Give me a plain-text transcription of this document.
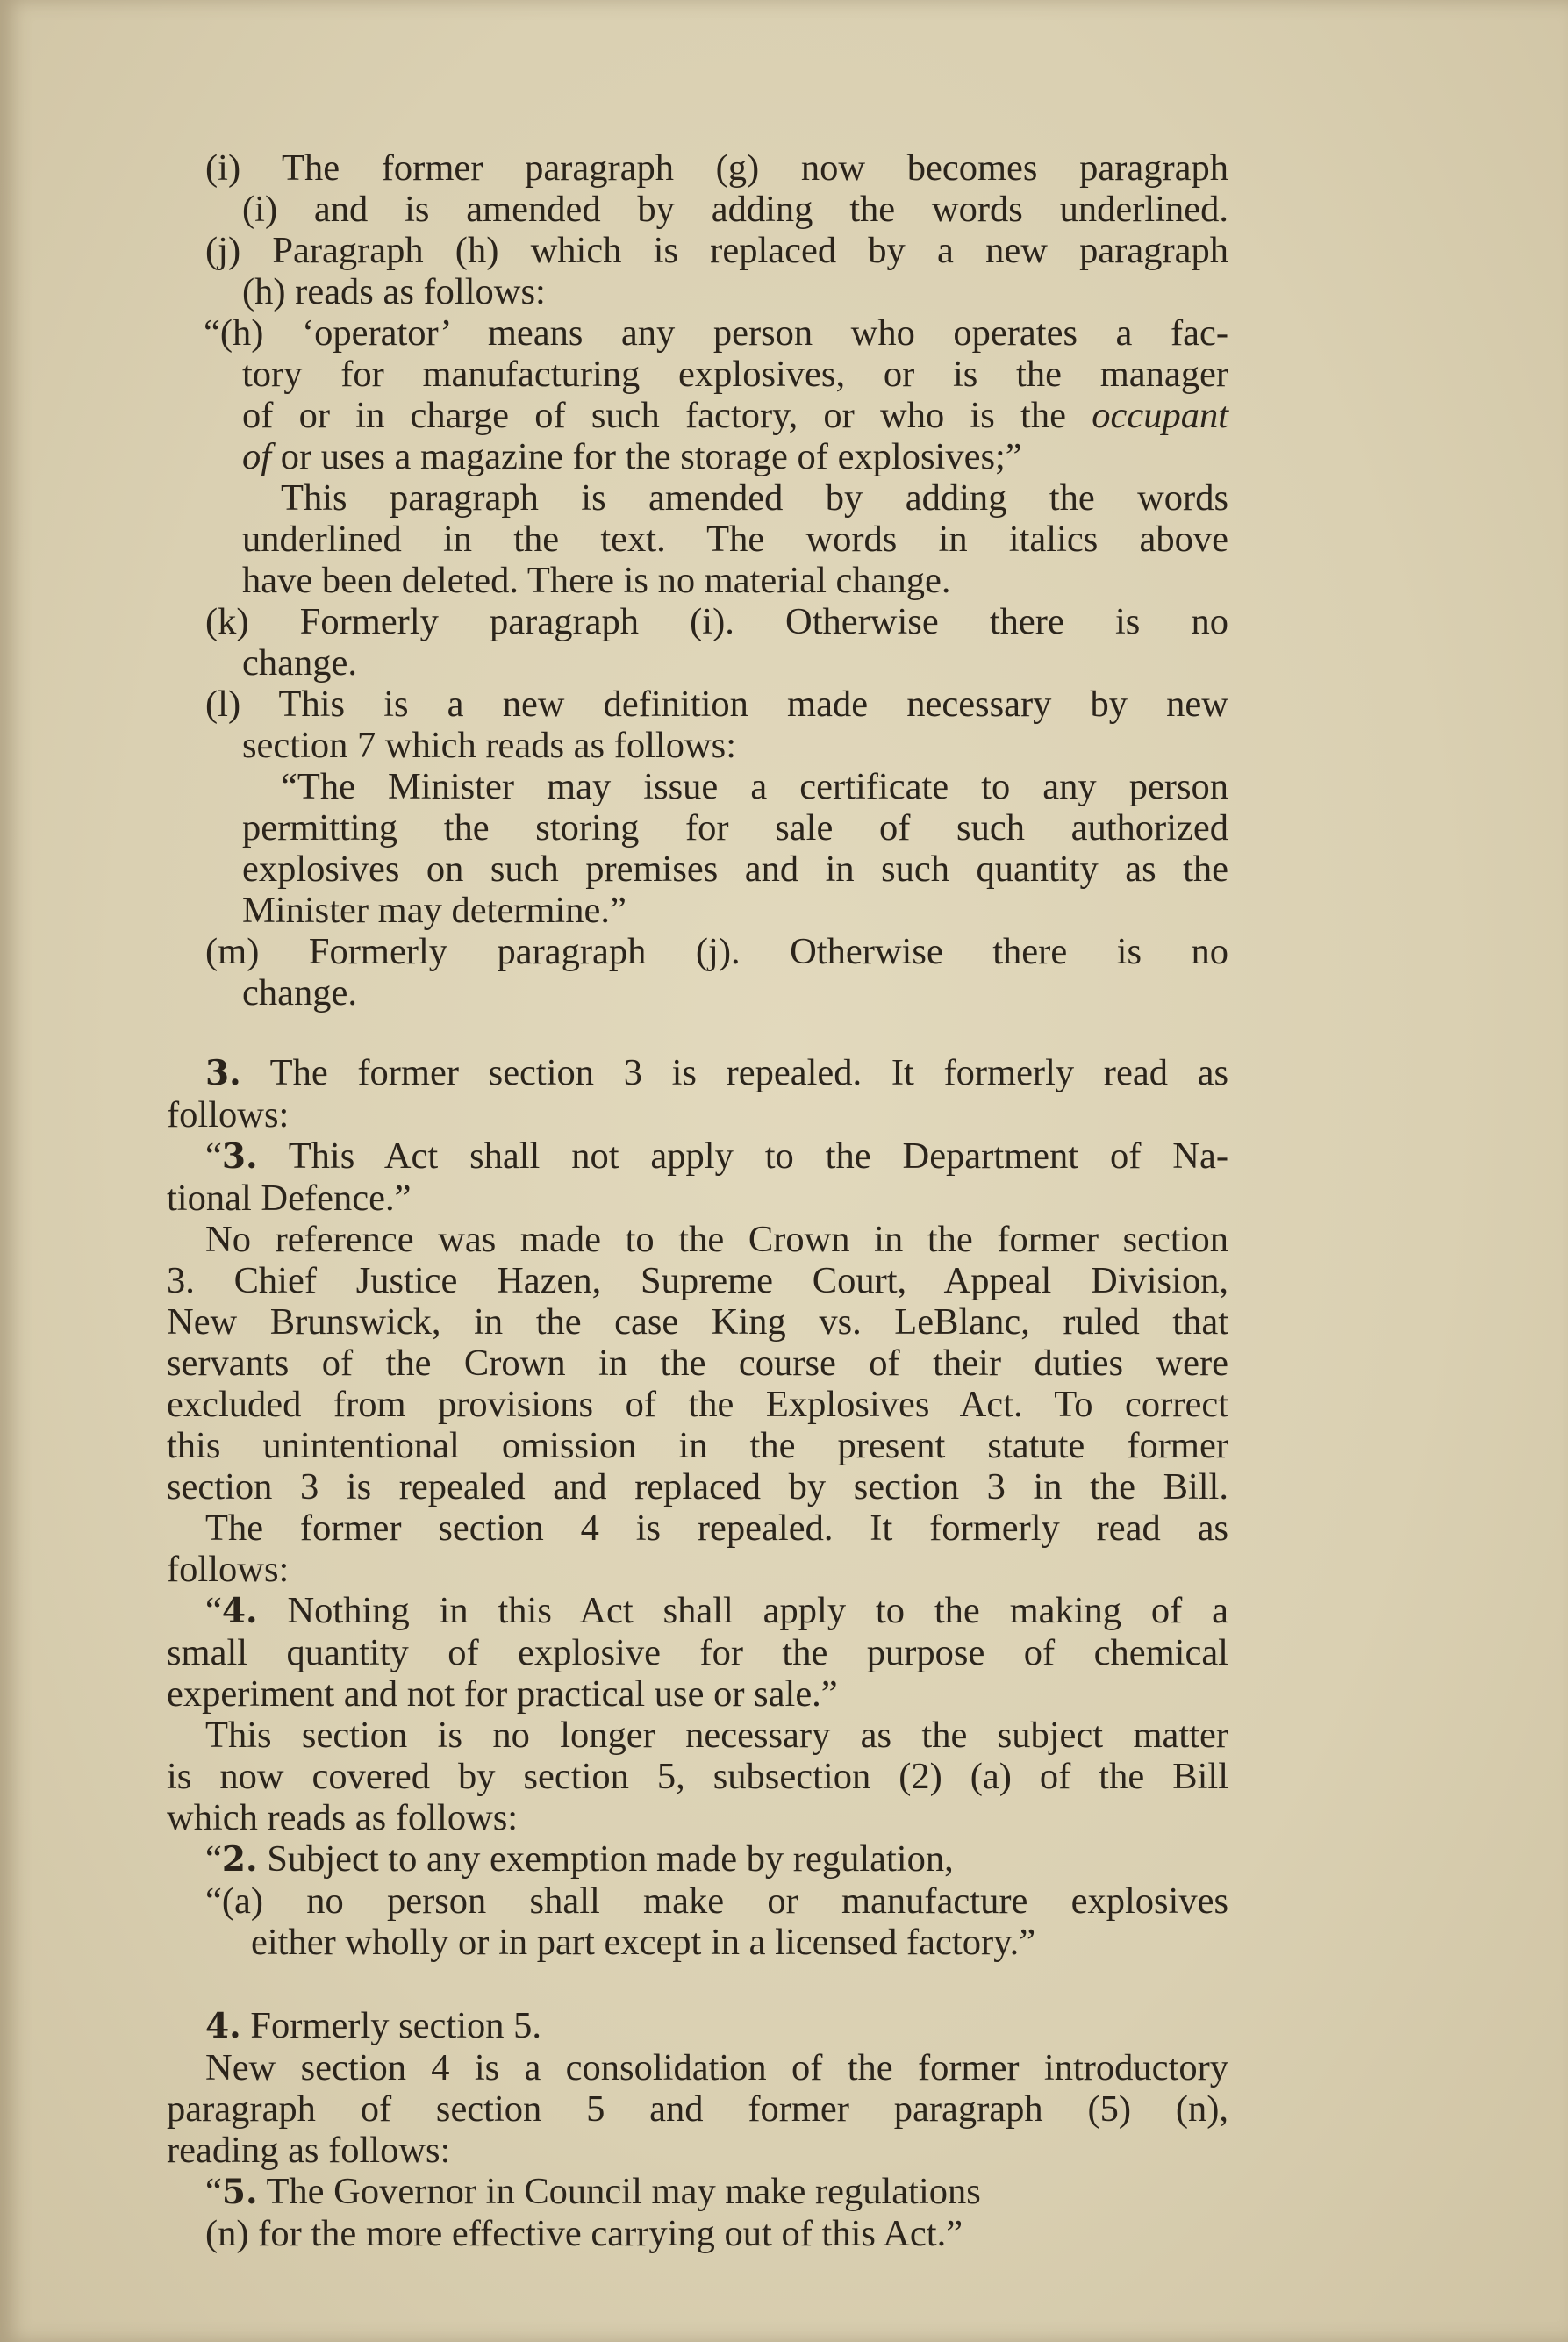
(i) The former paragraph (g) now becomes paragraph

(i) and is amended by adding the words underlined.

(j) Paragraph (h) which is replaced by a new paragraph

(h) reads as follows:

“(h) ‘operator’ means any person who operates a fac-

tory for manufacturing explosives, or is the manager

of or in charge of such factory, or who is the occupant

of or uses a magazine for the storage of explosives;”

This paragraph is amended by adding the words

underlined in the text. The words in italics above

have been deleted. There is no material change.

(k) Formerly paragraph (i). Otherwise there is no

change.

(l) This is a new definition made necessary by new

section 7 which reads as follows:

“The Minister may issue a certificate to any person

permitting the storing for sale of such authorized

explosives on such premises and in such quantity as the

Minister may determine.”

(m) Formerly paragraph (j). Otherwise there is no

change.

3. The former section 3 is repealed. It formerly read as

follows:

“3. This Act shall not apply to the Department of Na-

tional Defence.”

No reference was made to the Crown in the former section

3. Chief Justice Hazen, Supreme Court, Appeal Division,

New Brunswick, in the case King vs. LeBlanc, ruled that

servants of the Crown in the course of their duties were

excluded from provisions of the Explosives Act. To correct

this unintentional omission in the present statute former

section 3 is repealed and replaced by section 3 in the Bill.

The former section 4 is repealed. It formerly read as

follows:

“4. Nothing in this Act shall apply to the making of a

small quantity of explosive for the purpose of chemical

experiment and not for practical use or sale.”

This section is no longer necessary as the subject matter

is now covered by section 5, subsection (2) (a) of the Bill

which reads as follows:

“2. Subject to any exemption made by regulation,

“(a) no person shall make or manufacture explosives

either wholly or in part except in a licensed factory.”

4. Formerly section 5.

New section 4 is a consolidation of the former introductory

paragraph of section 5 and former paragraph (5) (n),

reading as follows:

“5. The Governor in Council may make regulations

(n) for the more effective carrying out of this Act.”
